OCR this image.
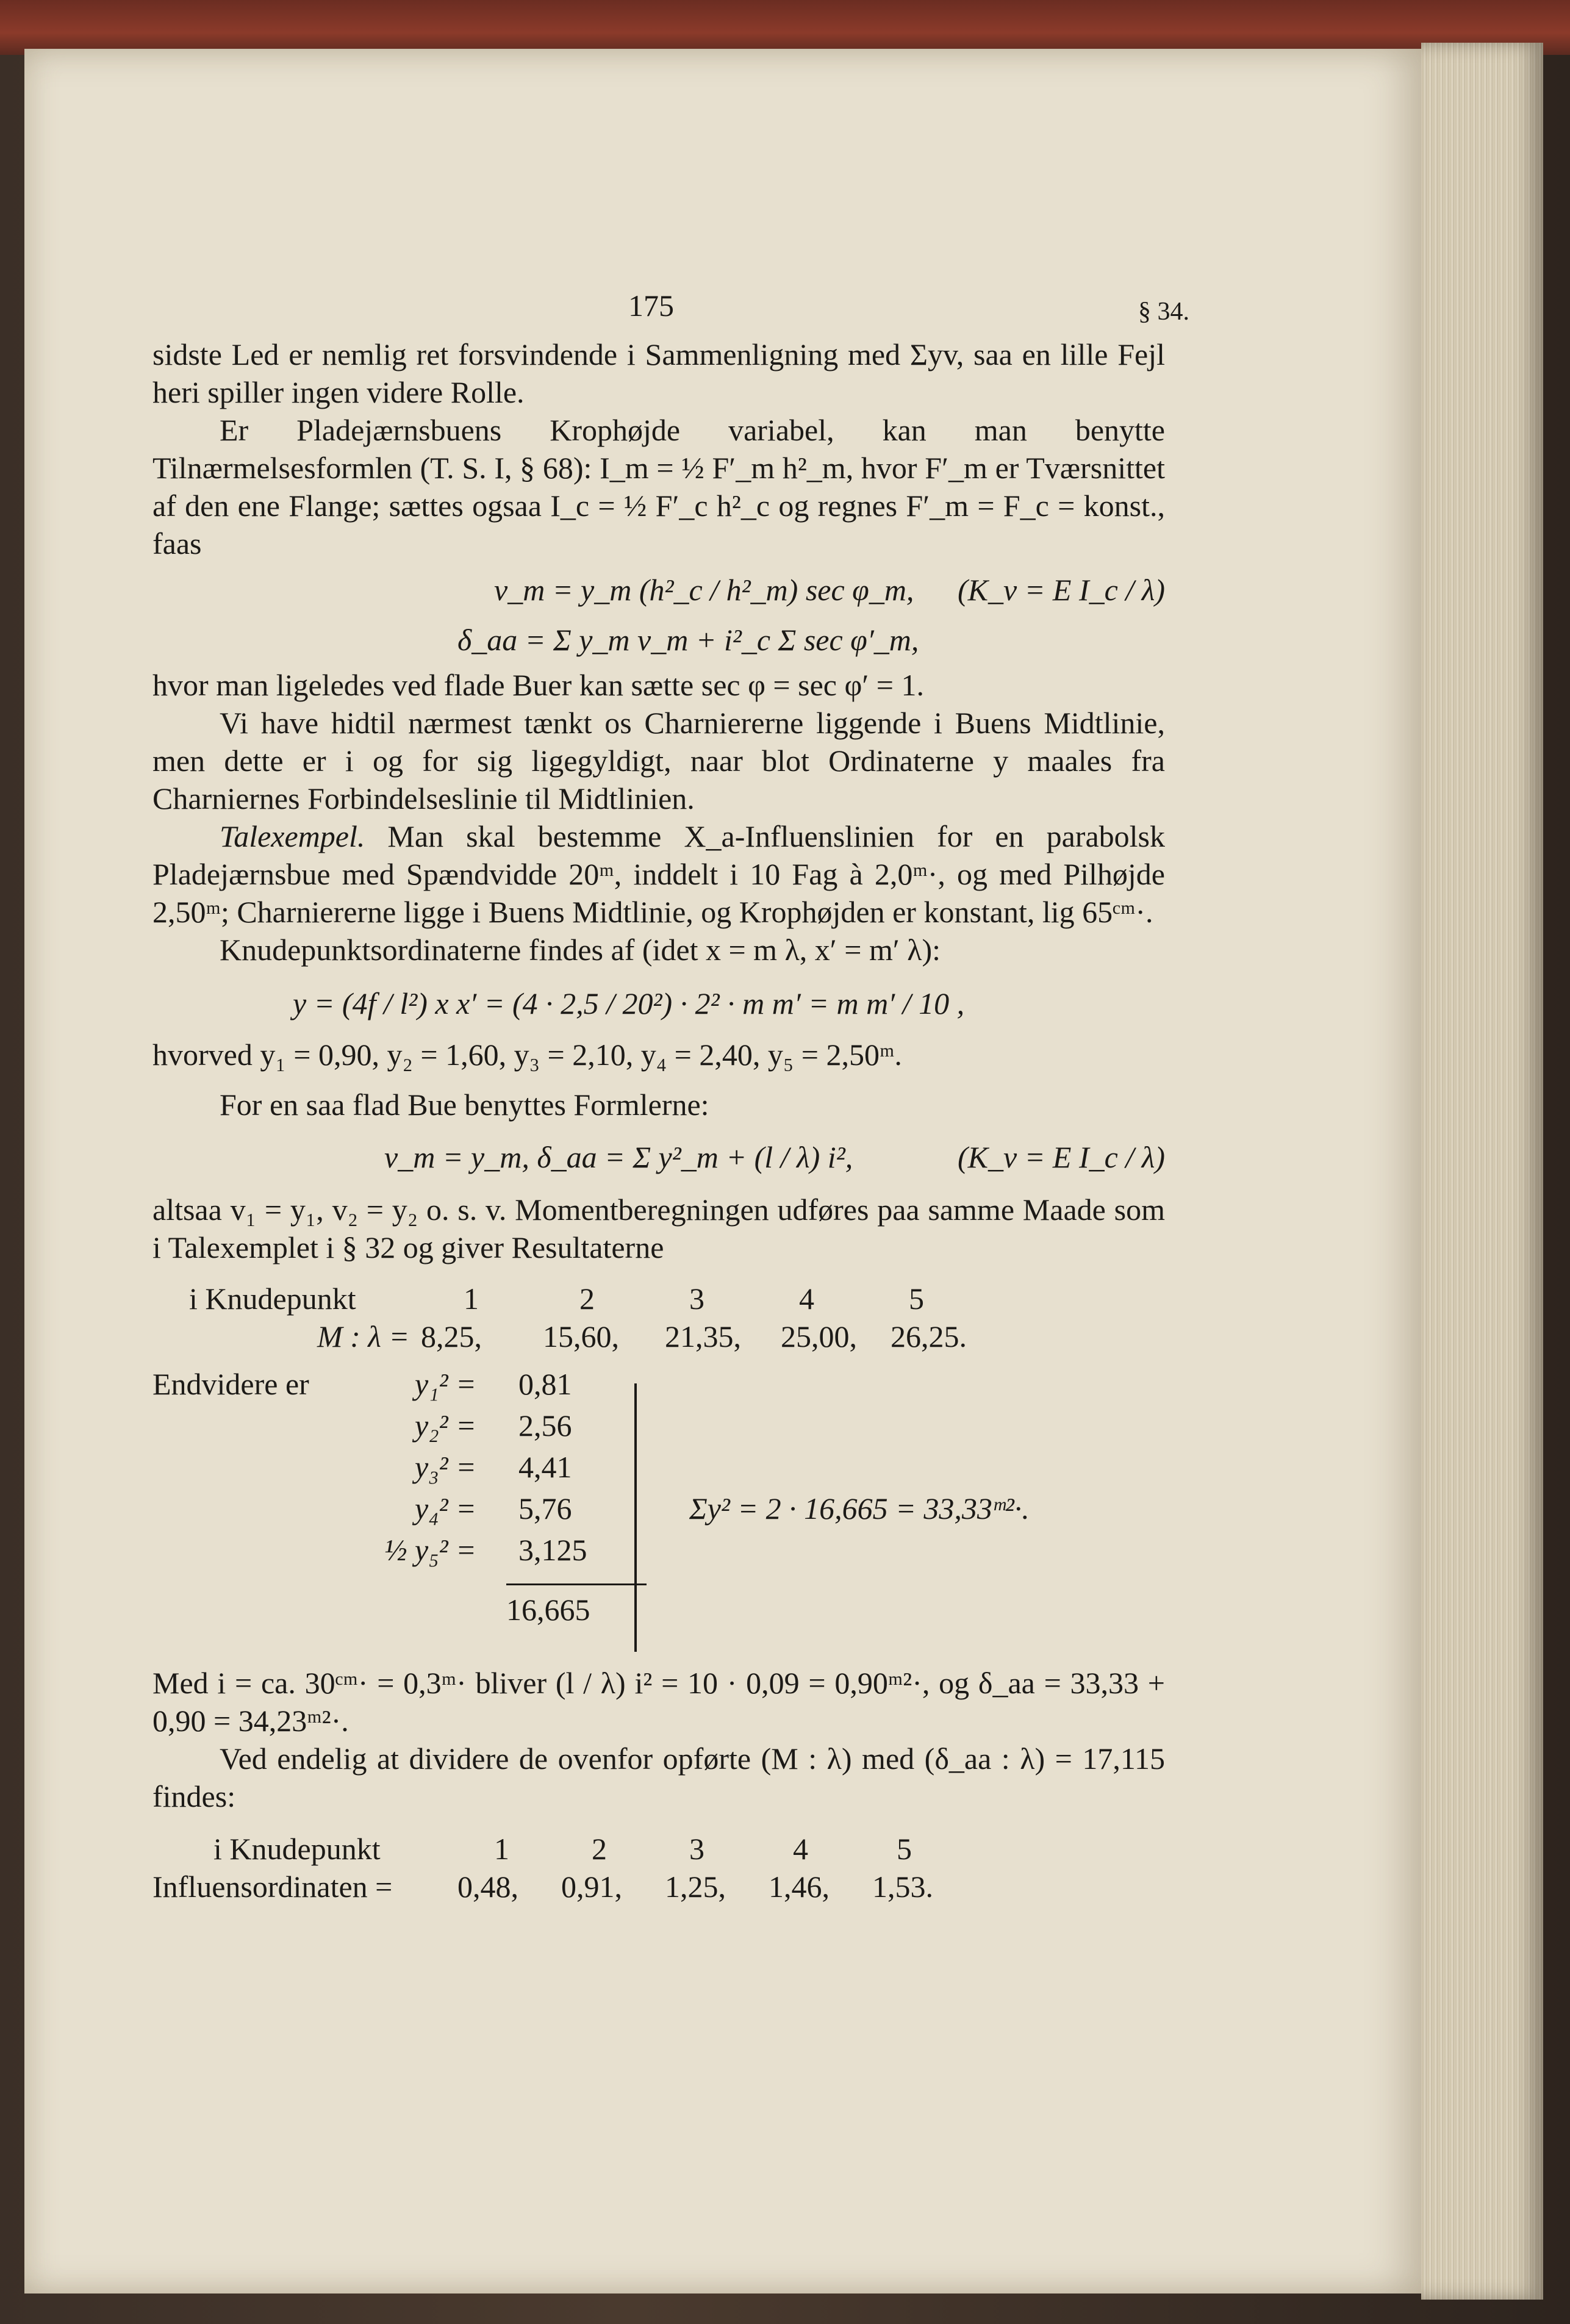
175	§ 34.

sidste Led er nemlig ret forsvindende i Sammenligning med Σyv, saa en lille Fejl heri spiller ingen videre Rolle.

Er Pladejærnsbuens Krophøjde variabel, kan man benytte Tilnærmelsesformlen (T. S. I, § 68): I_m = ½ F′_m h²_m, hvor F′_m er Tværsnittet af den ene Flange; sættes ogsaa I_c = ½ F′_c h²_c og regnes F′_m = F_c = konst., faas

v_m = y_m (h²_c / h²_m) sec φ_m, (K_v = E I_c / λ)
δ_aa = Σ y_m v_m + i²_c Σ sec φ′_m,

hvor man ligeledes ved flade Buer kan sætte sec φ = sec φ′ = 1.

Vi have hidtil nærmest tænkt os Charniererne liggende i Buens Midtlinie, men dette er i og for sig ligegyldigt, naar blot Ordinaterne y maales fra Charniernes Forbindelseslinie til Midtlinien.

Talexempel. Man skal bestemme X_a-Influenslinien for en parabolsk Pladejærnsbue med Spændvidde 20ᵐ, inddelt i 10 Fag à 2,0ᵐ·, og med Pilhøjde 2,50ᵐ; Charniererne ligge i Buens Midtlinie, og Krophøjden er konstant, lig 65ᶜᵐ·.

Knudepunktsordinaterne findes af (idet x = m λ, x′ = m′ λ):

y = (4f / l²) x x′ = (4 · 2,5 / 20²) · 2² · m m′ = m m′ / 10 ,

hvorved y₁ = 0,90, y₂ = 1,60, y₃ = 2,10, y₄ = 2,40, y₅ = 2,50ᵐ.

For en saa flad Bue benyttes Formlerne:

v_m = y_m, δ_aa = Σ y²_m + (l / λ) i²,	(K_v = E I_c / λ)

altsaa v₁ = y₁, v₂ = y₂ o. s. v. Momentberegningen udføres paa samme Maade som i Talexemplet i § 32 og giver Resultaterne

i Knudepunkt	1	2	3	4	5
M : λ = 8,25, 15,60, 21,35, 25,00, 26,25.
Endvidere er	y₁² = 0,81
y₂² = 2,56
y₃² = 4,41
y₄² = 5,76
½ y₅² = 3,125
16,665
Σy² = 2 · 16,665 = 33,33ᵐ²·.

Med i = ca. 30ᶜᵐ· = 0,3ᵐ· bliver (l / λ) i² = 10 · 0,09 = 0,90ᵐ²·, og δ_aa = 33,33 + 0,90 = 34,23ᵐ²·.

Ved endelig at dividere de ovenfor opførte (M : λ) med (δ_aa : λ) = 17,115 findes:

i Knudepunkt	1	2	3	4	5
Influensordinaten = 0,48, 0,91, 1,25, 1,46, 1,53.
